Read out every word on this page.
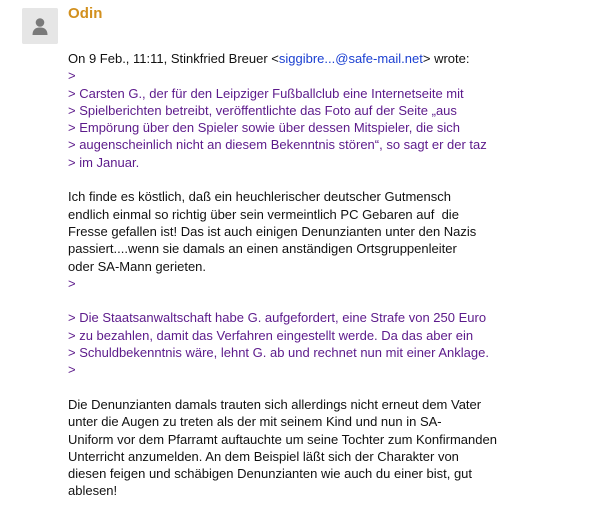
Odin
On 9 Feb., 11:11, Stinkfried Breuer <siggibre...@safe-mail.net> wrote:
>
> Carsten G., der für den Leipziger Fußballclub eine Internetseite mit
> Spielberichten betreibt, veröffentlichte das Foto auf der Seite „aus
> Empörung über den Spieler sowie über dessen Mitspieler, die sich
> augenscheinlich nicht an diesem Bekenntnis stören“, so sagt er der taz
> im Januar.
Ich finde es köstlich, daß ein heuchlerischer deutscher Gutmensch
endlich einmal so richtig über sein vermeintlich PC Gebaren auf  die
Fresse gefallen ist! Das ist auch einigen Denunzianten unter den Nazis
passiert....wenn sie damals an einen anständigen Ortsgruppenleiter
oder SA-Mann gerieten.
>
> Die Staatsanwaltschaft habe G. aufgefordert, eine Strafe von 250 Euro
> zu bezahlen, damit das Verfahren eingestellt werde. Da das aber ein
> Schuldbekenntnis wäre, lehnt G. ab und rechnet nun mit einer Anklage.
>
Die Denunzianten damals trauten sich allerdings nicht erneut dem Vater
unter die Augen zu treten als der mit seinem Kind und nun in SA-
Uniform vor dem Pfarramt auftauchte um seine Tochter zum Konfirmanden
Unterricht anzumelden. An dem Beispiel läßt sich der Charakter von
diesen feigen und schäbigen Denunzianten wie auch du einer bist, gut
ablesen!
